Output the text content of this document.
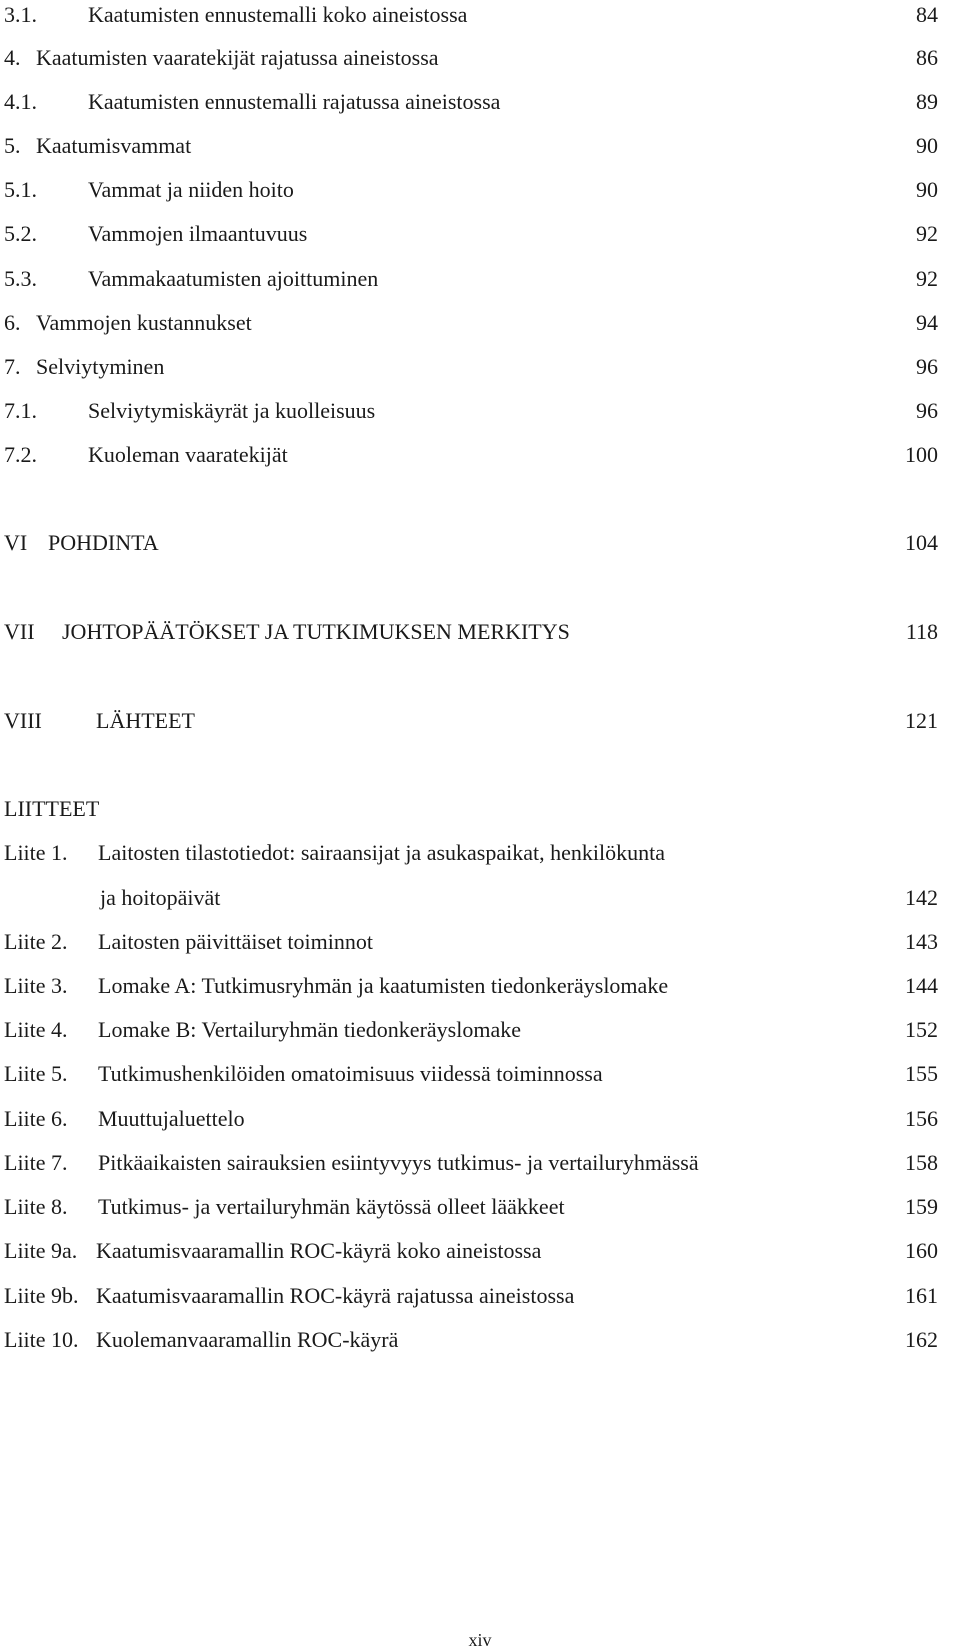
3.1. Kaatumisten ennustemalli koko aineistossa	84
4. Kaatumisten vaaratekijät rajatussa aineistossa	86
4.1. Kaatumisten ennustemalli rajatussa aineistossa	89
5. Kaatumisvammat	90
5.1. Vammat ja niiden hoito	90
5.2. Vammojen ilmaantuvuus	92
5.3. Vammakaatumisten ajoittuminen	92
6. Vammojen kustannukset	94
7. Selviytyminen	96
7.1. Selviytymiskäyrät ja kuolleisuus	96
7.2. Kuoleman vaaratekijät	100
VI POHDINTA	104
VII JOHTOPÄÄTÖKSET JA TUTKIMUKSEN MERKITYS	118
VIII LÄHTEET	121
LIITTEET
Liite 1. Laitosten tilastotiedot: sairaansijat ja asukaspaikat, henkilökunta
ja hoitopäivät	142
Liite 2. Laitosten päivittäiset toiminnot	143
Liite 3. Lomake A: Tutkimusryhmän ja kaatumisten tiedonkeräyslomake	144
Liite 4. Lomake B: Vertailuryhmän tiedonkeräyslomake	152
Liite 5. Tutkimushenkilöiden omatoimisuus viidessä toiminnossa	155
Liite 6. Muuttujaluettelo	156
Liite 7. Pitkäaikaisten sairauksien esiintyvyys tutkimus- ja vertailuryhmässä	158
Liite 8. Tutkimus- ja vertailuryhmän käytössä olleet lääkkeet	159
Liite 9a. Kaatumisvaaramallin ROC-käyrä koko aineistossa	160
Liite 9b. Kaatumisvaaramallin ROC-käyrä rajatussa aineistossa	161
Liite 10. Kuolemanvaaramallin ROC-käyrä	162
xiv
